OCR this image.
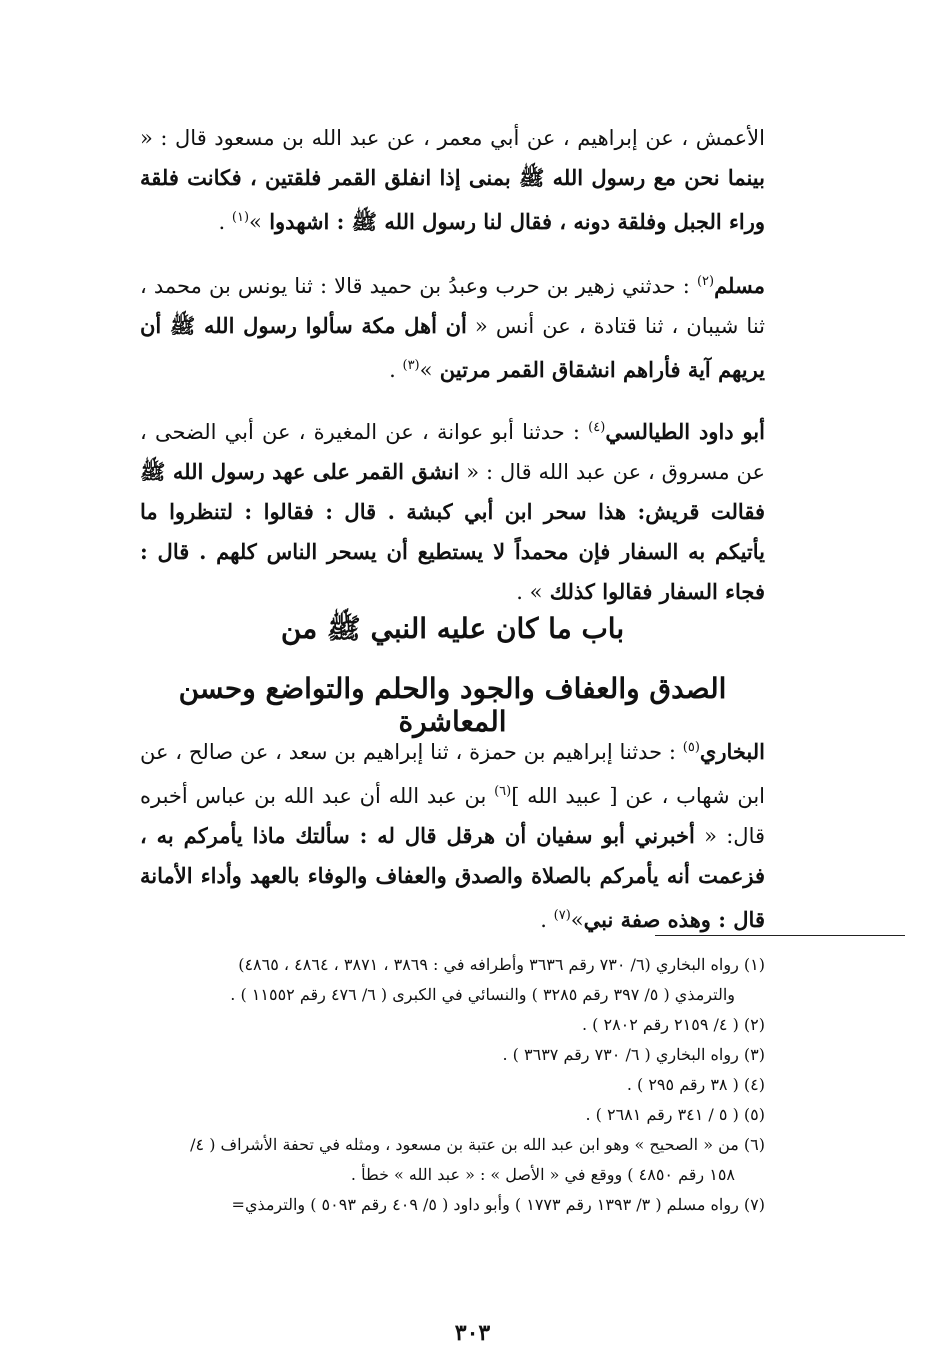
الأعمش ، عن إبراهيم ، عن أبي معمر ، عن عبد الله بن مسعود قال : « بينما نحن مع رسول الله ﷺ بمنى إذا انفلق القمر فلقتين ، فكانت فلقة وراء الجبل وفلقة دونه ، فقال لنا رسول الله ﷺ : اشهدوا »$^{(١)}$ .
مسلم$^{(٢)}$ : حدثني زهير بن حرب وعبدُ بن حميد قالا : ثنا يونس بن محمد ، ثنا شيبان ، ثنا قتادة ، عن أنس « أن أهل مكة سألوا رسول الله ﷺ أن يريهم آية فأراهم انشقاق القمر مرتين »$^{(٣)}$ .
أبو داود الطيالسي$^{(٤)}$ : حدثنا أبو عوانة ، عن المغيرة ، عن أبي الضحى ، عن مسروق ، عن عبد الله قال : « انشق القمر على عهد رسول الله ﷺ فقالت قريش: هذا سحر ابن أبي كبشة . قال : فقالوا : لتنظروا ما يأتيكم به السفار فإن محمداً لا يستطيع أن يسحر الناس كلهم . قال : فجاء السفار فقالوا كذلك » .
باب ما كان عليه النبي ﷺ من
الصدق والعفاف والجود والحلم والتواضع وحسن المعاشرة
البخاري$^{(٥)}$ : حدثنا إبراهيم بن حمزة ، ثنا إبراهيم بن سعد ، عن صالح ، عن ابن شهاب ، عن [ عبيد الله ]$^{(٦)}$ بن عبد الله أن عبد الله بن عباس أخبره قال: « أخبرني أبو سفيان أن هرقل قال له : سألتك ماذا يأمركم به ، فزعمت أنه يأمركم بالصلاة والصدق والعفاف والوفاء بالعهد وأداء الأمانة قال : وهذه صفة نبي»$^{(٧)}$ .
(١) رواه البخاري (٦/ ٧٣٠ رقم ٣٦٣٦ وأطرافه في : ٣٨٦٩ ، ٣٨٧١ ، ٤٨٦٤ ، ٤٨٦٥)
والترمذي ( ٥/ ٣٩٧ رقم ٣٢٨٥ ) والنسائي في الكبرى ( ٦/ ٤٧٦ رقم ١١٥٥٢ ) .
(٢) ( ٤/ ٢١٥٩ رقم ٢٨٠٢ ) .
(٣) رواه البخاري ( ٦/ ٧٣٠ رقم ٣٦٣٧ ) .
(٤) ( ٣٨ رقم ٢٩٥ ) .
(٥) ( ٥ / ٣٤١ رقم ٢٦٨١ ) .
(٦) من « الصحيح » وهو ابن عبد الله بن عتبة بن مسعود ، ومثله في تحفة الأشراف ( ٤/
١٥٨ رقم ٤٨٥٠ ) ووقع في « الأصل » : « عبد الله » خطأ .
(٧) رواه مسلم ( ٣/ ١٣٩٣ رقم ١٧٧٣ ) وأبو داود ( ٥/ ٤٠٩ رقم ٥٠٩٣ ) والترمذي=
٣٠٣
